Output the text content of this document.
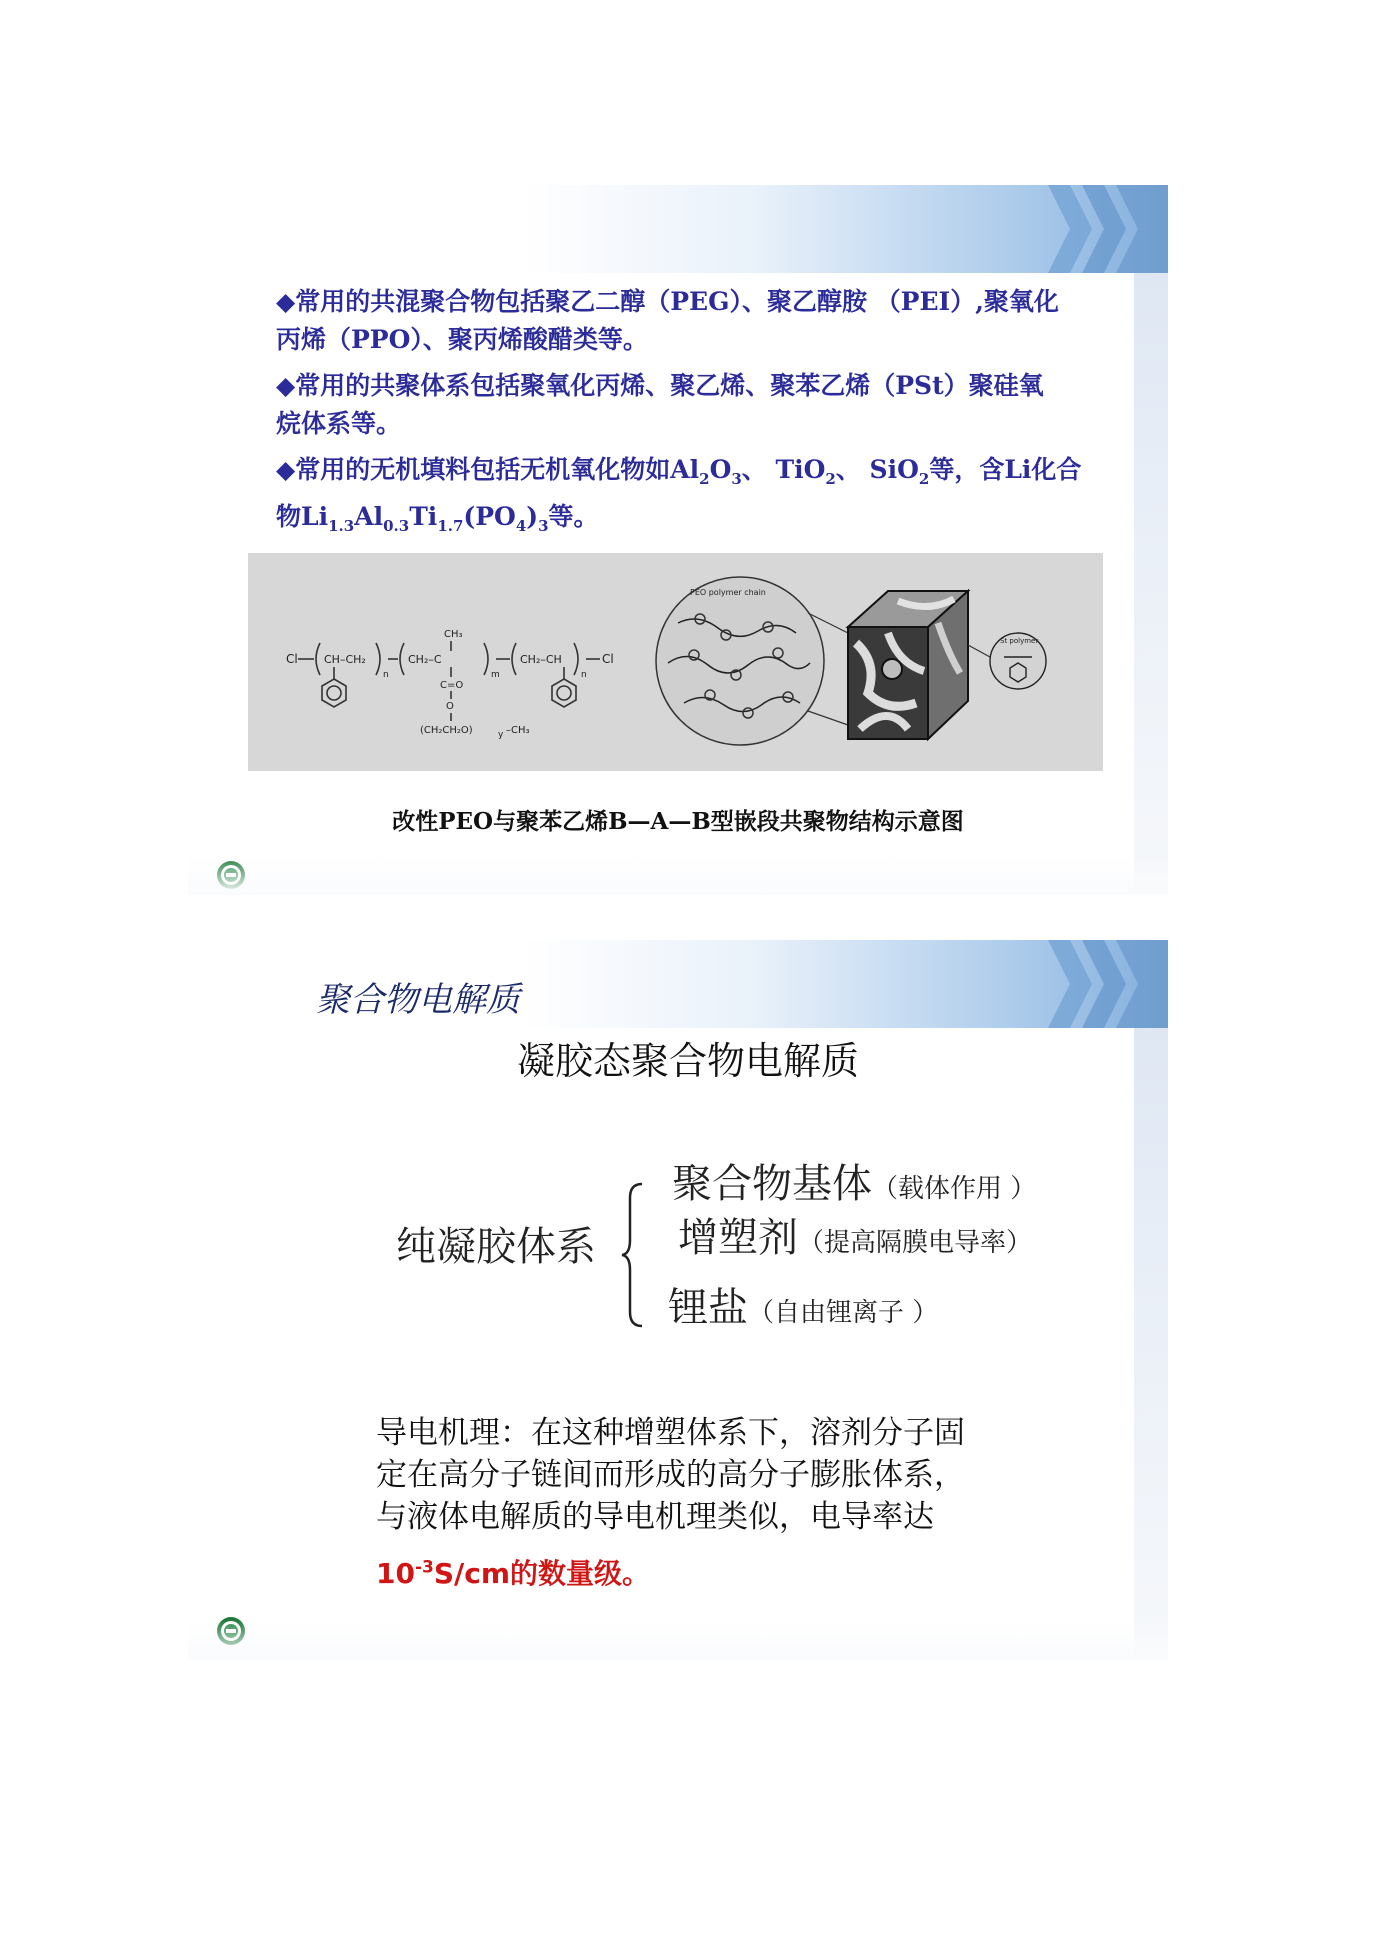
◆常用的共混聚合物包括聚乙二醇（PEG）、聚乙醇胺 （PEI）,聚氧化
丙烯（PPO）、聚丙烯酸醋类等。
◆常用的共聚体系包括聚氧化丙烯、聚乙烯、聚苯乙烯（PSt）聚硅氧
烷体系等。
◆常用的无机填料包括无机氧化物如$Al_2O_3$、 TiO$_2$、 SiO$_2$等，含Li化合
物$Li_{1.3}Al_{0.3}Ti_{1.7}(PO_4)_3$等。
Cl CH–CH₂
n
CH₂–C
CH₃
C=O
O
(CH₂CH₂O)	y –CH₃
m
CH₂–CH
n
Cl
PEO polymer chain
St polymer
改性PEO与聚苯乙烯B—A—B型嵌段共聚物结构示意图
聚合物电解质
凝胶态聚合物电解质
纯凝胶体系
聚合物基体（载体作用 ）
增塑剂（提高隔膜电导率）
锂盐（自由锂离子 ）
导电机理：在这种增塑体系下，溶剂分子固
定在高分子链间而形成的高分子膨胀体系，
与液体电解质的导电机理类似，电导率达
$10^{-3}S/cm$的数量级。
